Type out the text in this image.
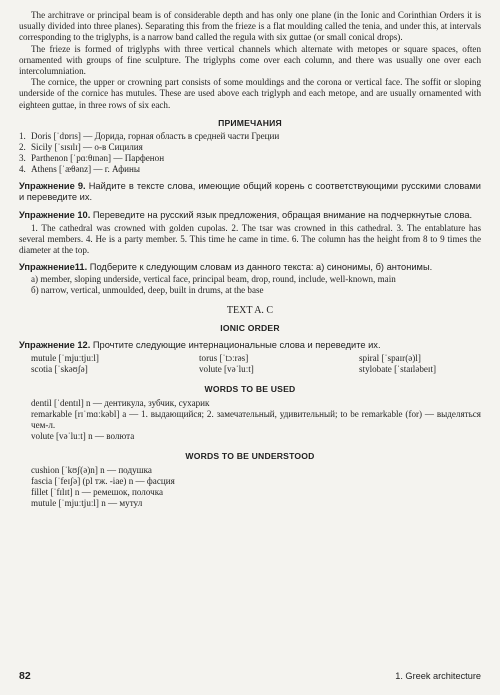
The architrave or principal beam is of considerable depth and has only one plane (in the Ionic and Corinthian Orders it is usually divided into three planes). Separating this from the frieze is a flat moulding called the tenia, and under this, at intervals corresponding to the triglyphs, is a narrow band called the regula with six guttae (or small conical drops).

The frieze is formed of triglyphs with three vertical channels which alternate with metopes or square spaces, often ornamented with groups of fine sculpture. The triglyphs come over each column, and there was usually one over each intercolumniation.

The cornice, the upper or crowning part consists of some mouldings and the corona or vertical face. The soffit or sloping underside of the cornice has mutules. These are used above each triglyph and each metope, and are usually ornamented with eighteen guttae, in three rows of six each.

ПРИМЕЧАНИЯ
1. Doris [ˈdɒrɪs] — Дорида, горная область в средней части Греции
2. Sicily [ˈsɪsɪlɪ] — о-в Сицилия
3. Parthenon [ˈpɑːθɪnən] — Парфенон
4. Athens [ˈæθənz] — г. Афины

Упражнение 9. Найдите в тексте слова, имеющие общий корень с соответствующими русскими словами и переведите их.

Упражнение 10. Переведите на русский язык предложения, обращая внимание на подчеркнутые слова.

1. The cathedral was crowned with golden cupolas. 2. The tsar was crowned in this cathedral. 3. The entablature has several members. 4. He is a party member. 5. This time he came in time. 6. The column has the height from 8 to 9 times the diameter at the top.

Упражнение11. Подберите к следующим словам из данного текста: а) синонимы, б) антонимы.

a) member, sloping underside, vertical face, principal beam, drop, round, include, well-known, main

б) narrow, vertical, unmoulded, deep, built in drums, at the base

TEXT A. C
IONIC ORDER

Упражнение 12. Прочтите следующие интернациональные слова и переведите их.

mutule [ˈmjuːtjuːl]	torus [ˈtɔːrəs]	spiral [ˈspaɪr(ə)l]
scotia [ˈskəʊʃə]	volute [vəˈluːt]	stylobate [ˈstaɪləbeɪt]
WORDS TO BE USED

dentil [ˈdentɪl] n — дентикула, зубчик, сухарик

remarkable [rɪˈmɑːkəbl] a — 1. выдающийся; 2. замечательный, удивительный; to be remarkable (for) — выделяться чем-л.

volute [vəˈluːt] n — волюта

WORDS TO BE UNDERSTOOD

cushion [ˈkʊʃ(ə)n] n — подушка

fascia [ˈfeɪʃə] (pl тж. -iae) n — фасция

fillet [ˈfɪlɪt] n — ремешок, полочка

mutule [ˈmjuːtjuːl] n — мутул

82	1. Greek architecture
